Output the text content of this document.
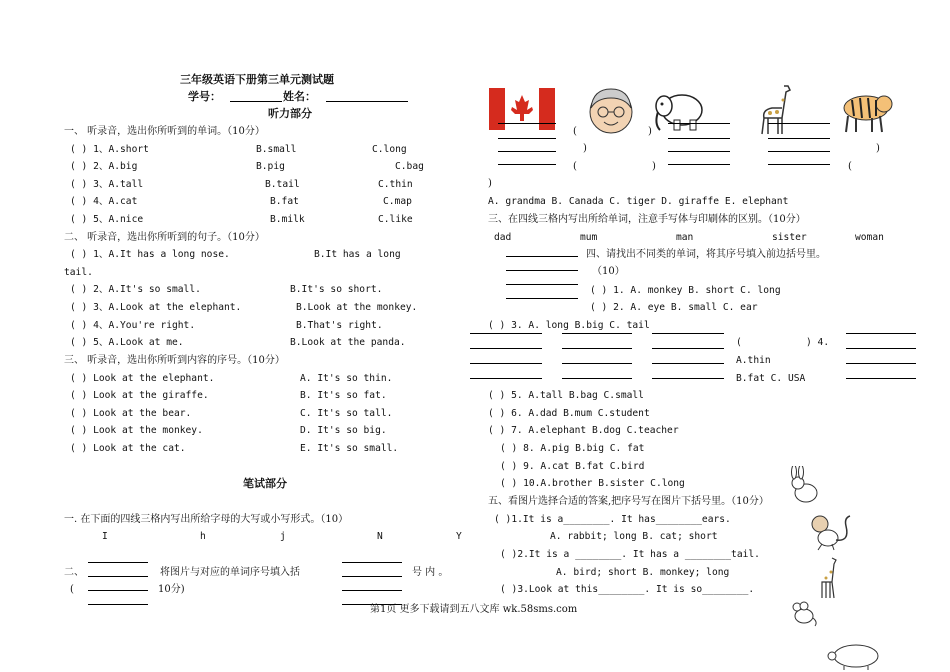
三年级英语下册第三单元测试题
学号：	姓名：
听力部分
一、 听录音，选出你所听到的单词。（10分）
( ) 1、A.short	B.small	C.long
( ) 2、A.big	B.pig	C.bag
( ) 3、A.tall	B.tail	C.thin
( ) 4、A.cat	B.fat	C.map
( ) 5、A.nice	B.milk	C.like
二、 听录音，选出你所听到的句子。（10分）
( ) 1、A.It has a long nose.	B.It has a long
tail.
( ) 2、A.It's so small.	B.It's so short.
( ) 3、A.Look at the elephant.	B.Look at the monkey.
( ) 4、A.You're right.	B.That's right.
( ) 5、A.Look at me.	B.Look at the panda.
三、 听录音，选出你所听到内容的序号。（10分）
( ) Look at the elephant.	A. It's so thin.
( ) Look at the giraffe.	B. It's so fat.
( ) Look at the bear.	C. It's so tall.
( ) Look at the monkey.	D. It's so big.
( ) Look at the cat.	E. It's so small.
笔试部分
一. 在下面的四线三格内写出所给字母的大写或小写形式。（10）
I	h	j	N	Y
二、	将图片与对应的单词序号填入括	号 内 。
(	10分)
(	)
)	)
(	)	(
)
A. grandma B. Canada C. tiger D. giraffe E. elephant
三、在四线三格内写出所给单词，注意手写体与印刷体的区别。（10分）
dad	mum	man	sister	woman
四、请找出不同类的单词，将其序号填入前边括号里。
（10）
( ) 1. A. monkey B. short C. long
( ) 2. A. eye B. small C. ear
( ) 3. A. long B.big C. tail
(	) 4.
A.thin
B.fat C. USA
( ) 5. A.tall B.bag C.small
( ) 6. A.dad B.mum C.student
( ) 7. A.elephant B.dog C.teacher
( ) 8. A.pig B.big C. fat
( ) 9. A.cat B.fat C.bird
( ) 10.A.brother B.sister C.long
五、看图片选择合适的答案,把序号写在图片下括号里。（10分）
( )1.It is a________. It has________ears.
A. rabbit; long B. cat; short
( )2.It is a ________. It has a ________tail.
A. bird; short B. monkey; long
( )3.Look at this________. It is so________.
第1页 更多下载请到五八文库 wk.58sms.com
